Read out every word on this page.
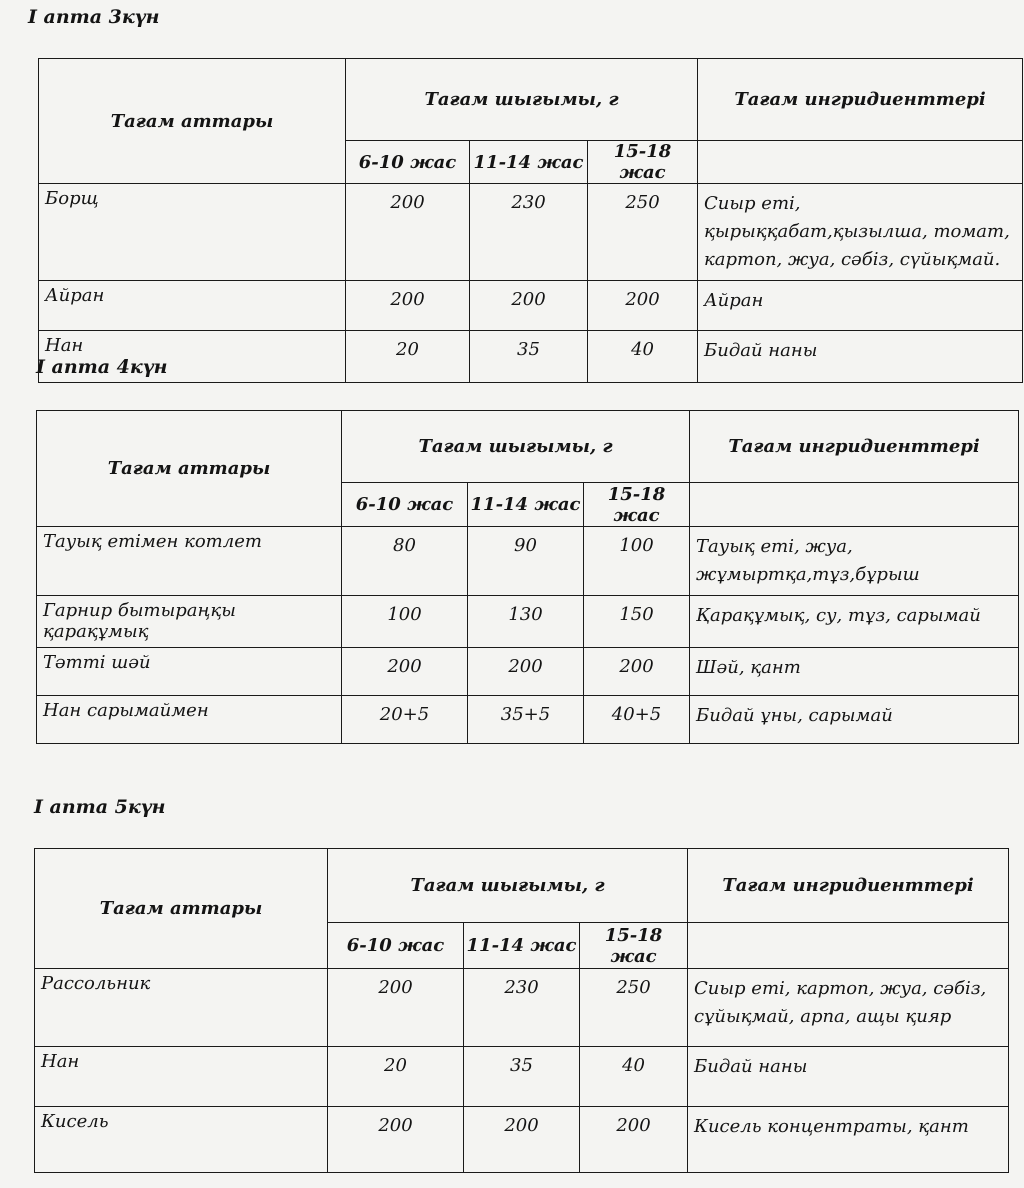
I апта 3күн
Тағам аттары	Тағам шығымы, г			Тағам ингридиенттері
	6-10 жас	11-14 жас	15-18 жас	
Борщ	200	230	250	Сиыр еті, қырыққабат,қызылша, томат, картоп, жуа, сәбіз, сүйықмай.
Айран	200	200	200	Айран
Нан	20	35	40	Бидай наны
I апта 4күн
Тағам аттары	Тағам шығымы, г			Тағам ингридиенттері
	6-10 жас	11-14 жас	15-18 жас	
Тауық етімен котлет	80	90	100	Тауық еті, жуа, жұмыртқа,тұз,бұрыш
Гарнир бытыраңқы қарақұмық	100	130	150	Қарақұмық, су, тұз, сарымай
Тәтті шәй	200	200	200	Шәй, қант
Нан сарымаймен	20+5	35+5	40+5	Бидай ұны, сарымай
I апта 5күн
Тағам аттары	Тағам шығымы, г			Тағам ингридиенттері
	6-10 жас	11-14 жас	15-18 жас	
Рассольник	200	230	250	Сиыр еті, картоп, жуа, сәбіз, сұйықмай, арпа, ащы қияр
Нан	20	35	40	Бидай наны
Кисель	200	200	200	Кисель концентраты, қант
